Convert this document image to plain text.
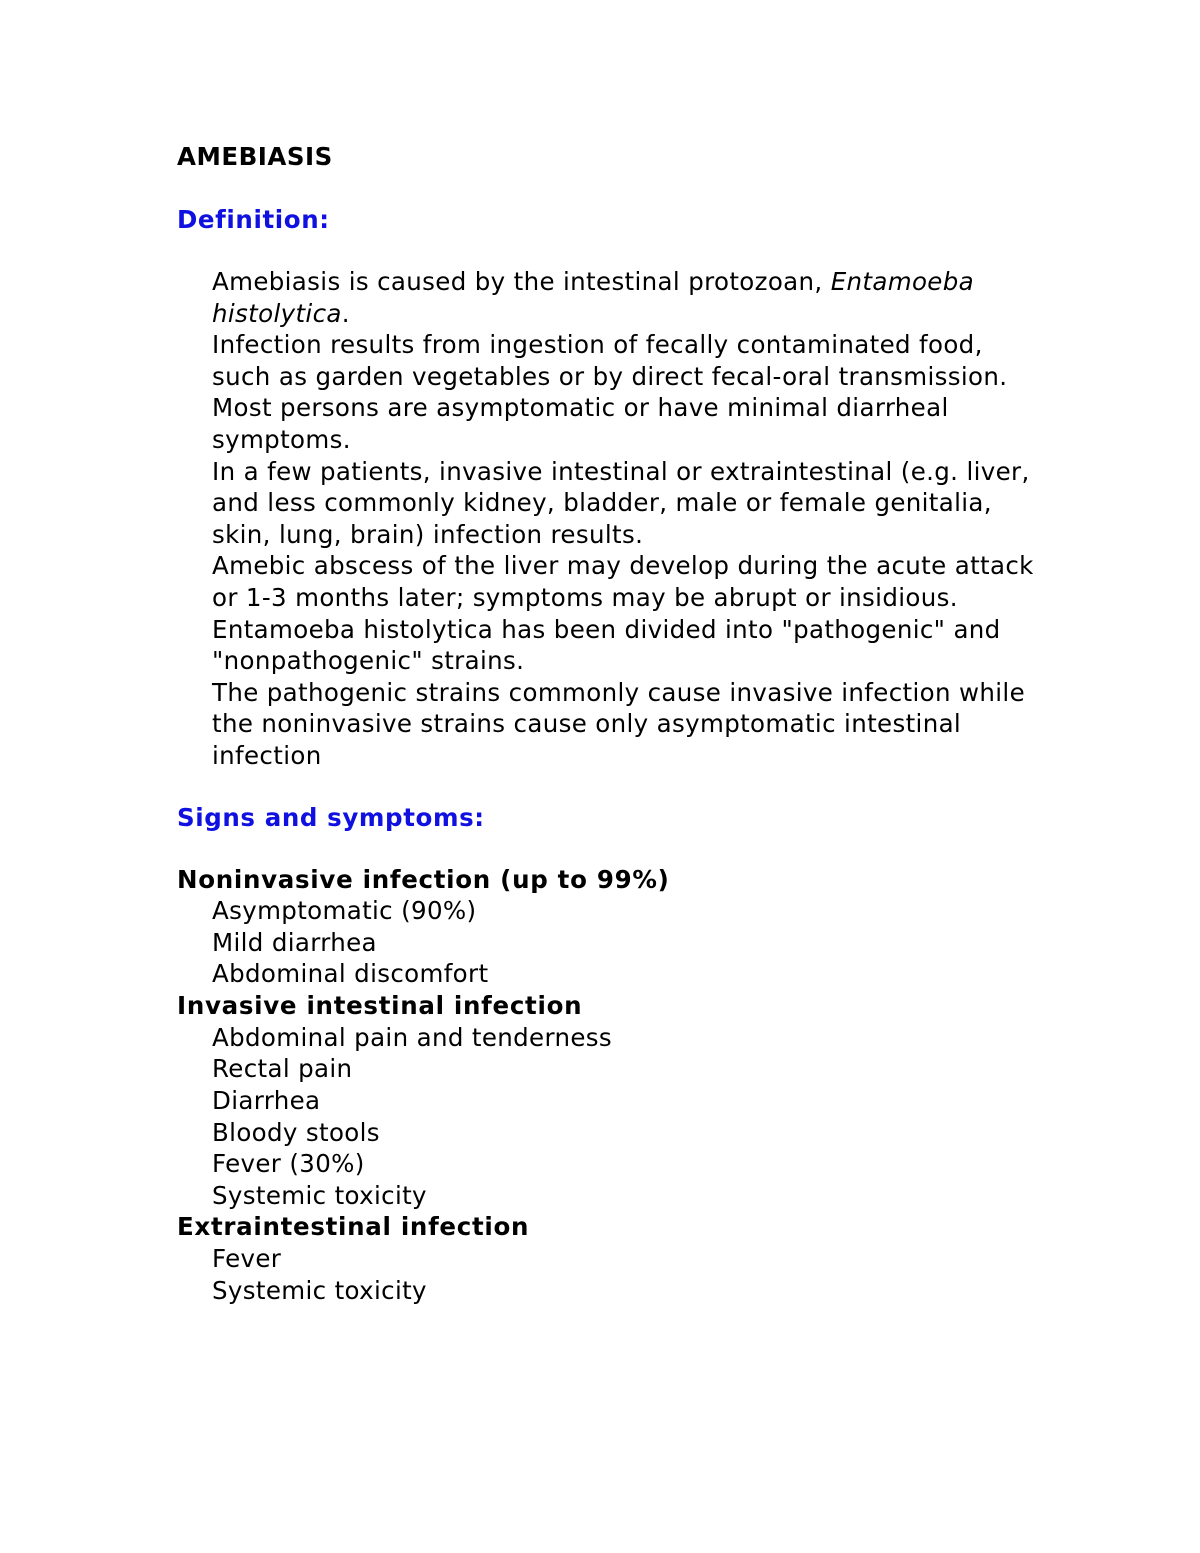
AMEBIASIS
Definition:
Amebiasis is caused by the intestinal protozoan, Entamoeba histolytica.
Infection results from ingestion of fecally contaminated food, such as garden vegetables or by direct fecal-oral transmission.
Most persons are asymptomatic or have minimal diarrheal symptoms.
In a few patients, invasive intestinal or extraintestinal (e.g. liver, and less commonly kidney, bladder, male or female genitalia, skin, lung, brain) infection results.
Amebic abscess of the liver may develop during the acute attack or 1-3 months later; symptoms may be abrupt or insidious.
Entamoeba histolytica has been divided into "pathogenic" and "nonpathogenic" strains.
The pathogenic strains commonly cause invasive infection while the noninvasive strains cause only asymptomatic intestinal infection
Signs and symptoms:
Noninvasive infection (up to 99%)
Asymptomatic (90%)
Mild diarrhea
Abdominal discomfort
Invasive intestinal infection
Abdominal pain and tenderness
Rectal pain
Diarrhea
Bloody stools
Fever (30%)
Systemic toxicity
Extraintestinal infection
Fever
Systemic toxicity
